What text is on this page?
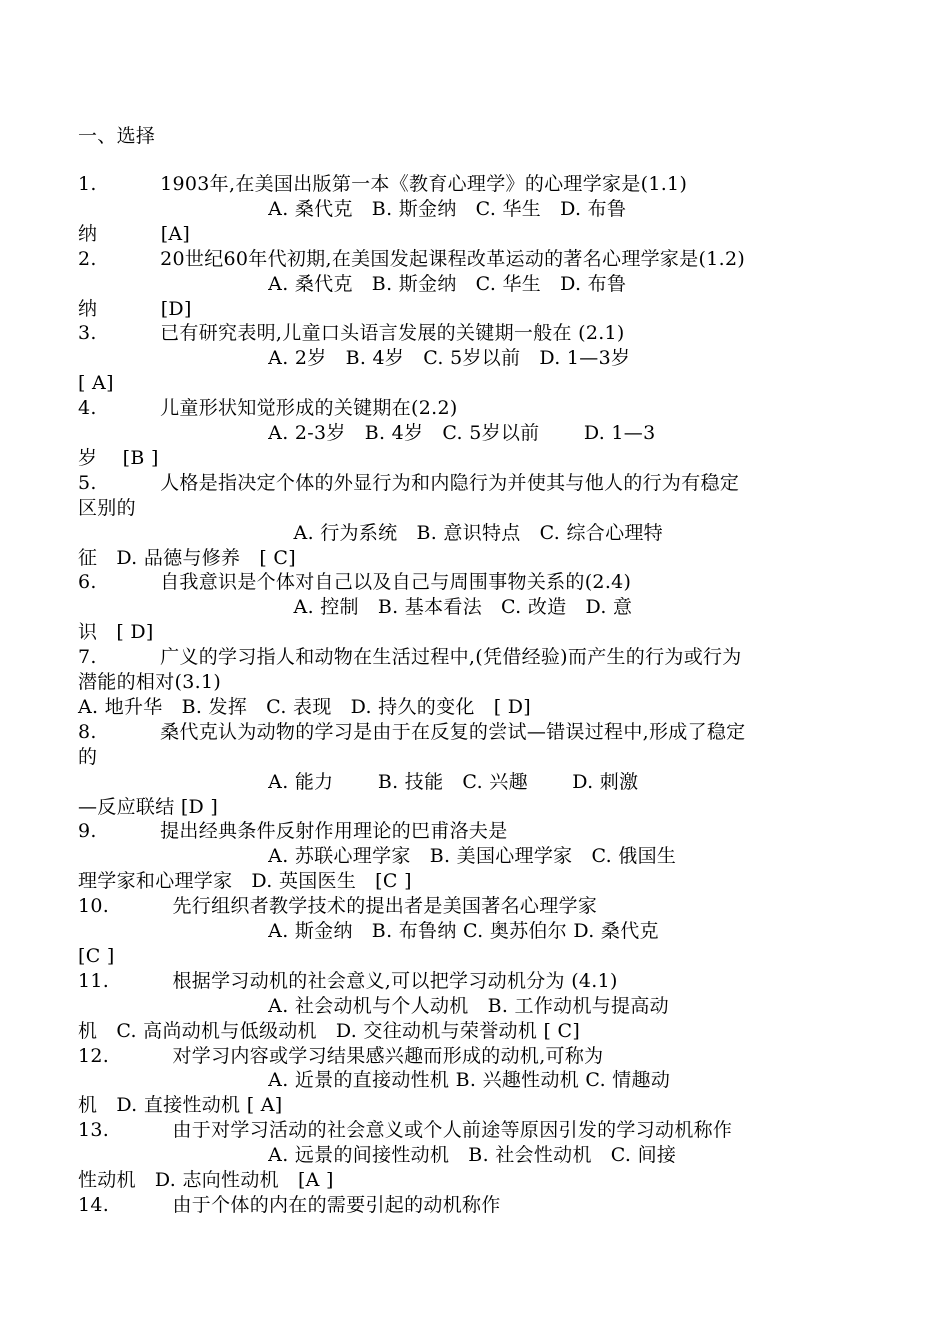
一、选择
1.          1903年,在美国出版第一本《教育心理学》的心理学家是(1.1)
A. 桑代克   B. 斯金纳   C. 华生   D. 布鲁
纳          [A]
2.          20世纪60年代初期,在美国发起课程改革运动的著名心理学家是(1.2)
A. 桑代克   B. 斯金纳   C. 华生   D. 布鲁
纳          [D]
3.          已有研究表明,儿童口头语言发展的关键期一般在 (2.1)
A. 2岁   B. 4岁   C. 5岁以前   D. 1—3岁
[ A]
4.          儿童形状知觉形成的关键期在(2.2)
A. 2-3岁   B. 4岁   C. 5岁以前       D. 1—3
岁    [B ]
5.          人格是指决定个体的外显行为和内隐行为并使其与他人的行为有稳定
区别的
A. 行为系统   B. 意识特点   C. 综合心理特
征   D. 品德与修养   [ C]
6.          自我意识是个体对自己以及自己与周围事物关系的(2.4)
A. 控制   B. 基本看法   C. 改造   D. 意
识   [ D]
7.          广义的学习指人和动物在生活过程中,(凭借经验)而产生的行为或行为
潜能的相对(3.1)
A. 地升华   B. 发挥   C. 表现   D. 持久的变化   [ D]
8.          桑代克认为动物的学习是由于在反复的尝试—错误过程中,形成了稳定
的
A. 能力       B. 技能   C. 兴趣       D. 刺激
—反应联结 [D ]
9.          提出经典条件反射作用理论的巴甫洛夫是
A. 苏联心理学家   B. 美国心理学家   C. 俄国生
理学家和心理学家   D. 英国医生   [C ]
10.          先行组织者教学技术的提出者是美国著名心理学家
A. 斯金纳   B. 布鲁纳 C. 奥苏伯尔 D. 桑代克
[C ]
11.          根据学习动机的社会意义,可以把学习动机分为 (4.1)
A. 社会动机与个人动机   B. 工作动机与提高动
机   C. 高尚动机与低级动机   D. 交往动机与荣誉动机 [ C]
12.          对学习内容或学习结果感兴趣而形成的动机,可称为
A. 近景的直接动性机 B. 兴趣性动机 C. 情趣动
机   D. 直接性动机 [ A]
13.          由于对学习活动的社会意义或个人前途等原因引发的学习动机称作
A. 远景的间接性动机   B. 社会性动机   C. 间接
性动机   D. 志向性动机   [A ]
14.          由于个体的内在的需要引起的动机称作
